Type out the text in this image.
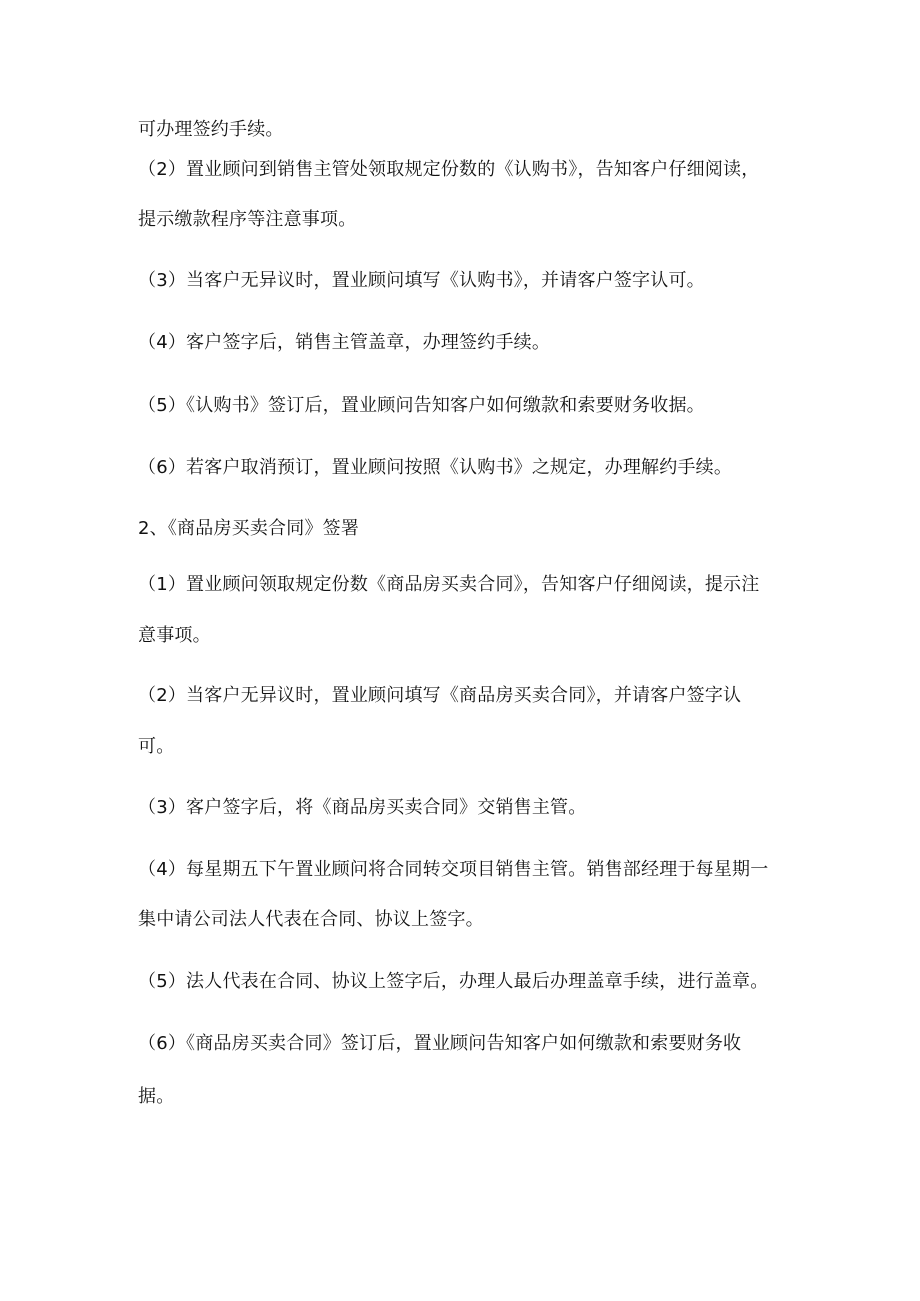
可办理签约手续。
（2）置业顾问到销售主管处领取规定份数的《认购书》，告知客户仔细阅读，
提示缴款程序等注意事项。
（3）当客户无异议时，置业顾问填写《认购书》，并请客户签字认可。
（4）客户签字后，销售主管盖章，办理签约手续。
（5）《认购书》签订后，置业顾问告知客户如何缴款和索要财务收据。
（6）若客户取消预订，置业顾问按照《认购书》之规定，办理解约手续。
2、《商品房买卖合同》签署
（1）置业顾问领取规定份数《商品房买卖合同》，告知客户仔细阅读，提示注
意事项。
（2）当客户无异议时，置业顾问填写《商品房买卖合同》，并请客户签字认
可。
（3）客户签字后，将《商品房买卖合同》交销售主管。
（4）每星期五下午置业顾问将合同转交项目销售主管。销售部经理于每星期一
集中请公司法人代表在合同、协议上签字。
（5）法人代表在合同、协议上签字后，办理人最后办理盖章手续，进行盖章。
（6）《商品房买卖合同》签订后，置业顾问告知客户如何缴款和索要财务收
据。
